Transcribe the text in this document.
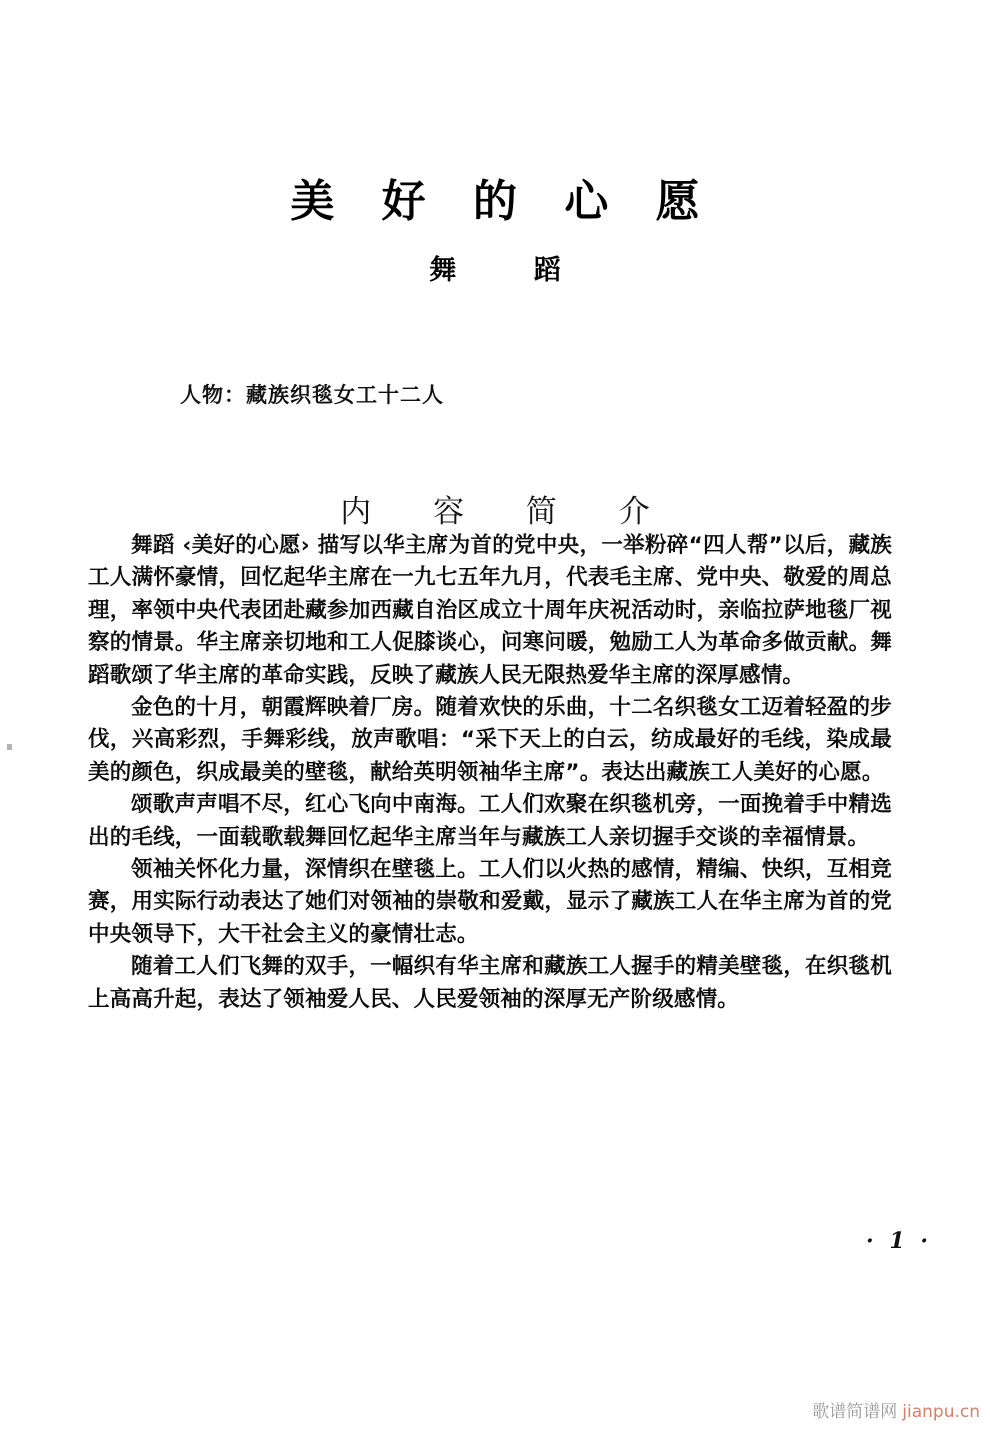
美 好 的 心 愿
舞 蹈
人物：藏族织毯女工十二人
内 容 简 介

舞蹈 ‹美好的心愿› 描写以华主席为首的党中央，一举粉碎“四人帮”以后，藏族工人满怀豪情，回忆起华主席在一九七五年九月，代表毛主席、党中央、敬爱的周总理，率领中央代表团赴藏参加西藏自治区成立十周年庆祝活动时，亲临拉萨地毯厂视察的情景。华主席亲切地和工人促膝谈心，问寒问暖，勉励工人为革命多做贡献。舞蹈歌颂了华主席的革命实践，反映了藏族人民无限热爱华主席的深厚感情。

金色的十月，朝霞辉映着厂房。随着欢快的乐曲，十二名织毯女工迈着轻盈的步伐，兴高彩烈，手舞彩线，放声歌唱：“采下天上的白云，纺成最好的毛线，染成最美的颜色，织成最美的壁毯，献给英明领袖华主席”。表达出藏族工人美好的心愿。

颂歌声声唱不尽，红心飞向中南海。工人们欢聚在织毯机旁，一面挽着手中精选出的毛线，一面载歌载舞回忆起华主席当年与藏族工人亲切握手交谈的幸福情景。

领袖关怀化力量，深情织在壁毯上。工人们以火热的感情，精编、快织，互相竞赛，用实际行动表达了她们对领袖的崇敬和爱戴，显示了藏族工人在华主席为首的党中央领导下，大干社会主义的豪情壮志。

随着工人们飞舞的双手，一幅织有华主席和藏族工人握手的精美壁毯，在织毯机上高高升起，表达了领袖爱人民、人民爱领袖的深厚无产阶级感情。

· 1 ·
歌谱简谱网 jianpu.cn
